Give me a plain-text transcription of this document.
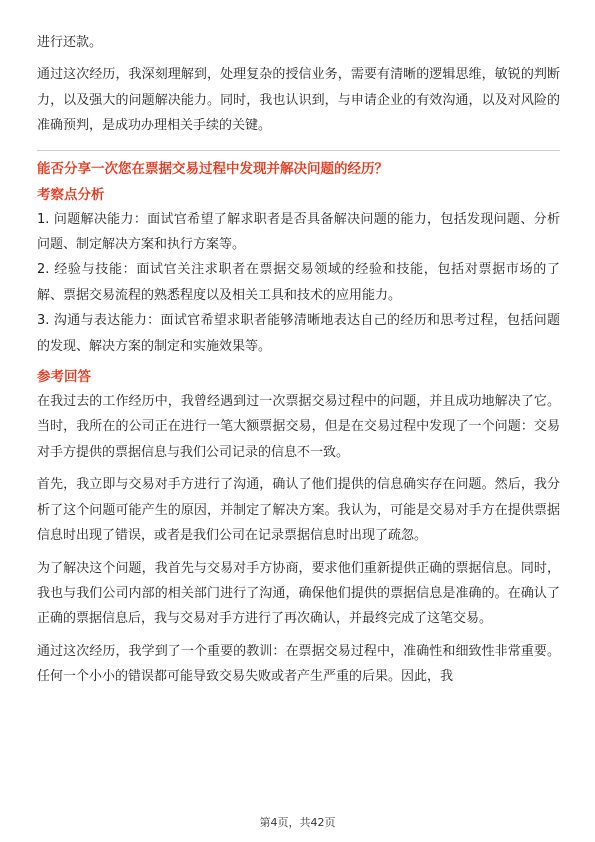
进行还款。

通过这次经历，我深刻理解到，处理复杂的授信业务，需要有清晰的逻辑思维，敏锐的判断力，以及强大的问题解决能力。同时，我也认识到，与申请企业的有效沟通，以及对风险的准确预判，是成功办理相关手续的关键。

能否分享一次您在票据交易过程中发现并解决问题的经历？

考察点分析

1. 问题解决能力：面试官希望了解求职者是否具备解决问题的能力，包括发现问题、分析问题、制定解决方案和执行方案等。

2. 经验与技能：面试官关注求职者在票据交易领域的经验和技能，包括对票据市场的了解、票据交易流程的熟悉程度以及相关工具和技术的应用能力。

3. 沟通与表达能力：面试官希望求职者能够清晰地表达自己的经历和思考过程，包括问题的发现、解决方案的制定和实施效果等。

参考回答

在我过去的工作经历中，我曾经遇到过一次票据交易过程中的问题，并且成功地解决了它。当时，我所在的公司正在进行一笔大额票据交易，但是在交易过程中发现了一个问题：交易对手方提供的票据信息与我们公司记录的信息不一致。

首先，我立即与交易对手方进行了沟通，确认了他们提供的信息确实存在问题。然后，我分析了这个问题可能产生的原因，并制定了解决方案。我认为，可能是交易对手方在提供票据信息时出现了错误，或者是我们公司在记录票据信息时出现了疏忽。

为了解决这个问题，我首先与交易对手方协商，要求他们重新提供正确的票据信息。同时，我也与我们公司内部的相关部门进行了沟通，确保他们提供的票据信息是准确的。在确认了正确的票据信息后，我与交易对手方进行了再次确认，并最终完成了这笔交易。

通过这次经历，我学到了一个重要的教训：在票据交易过程中，准确性和细致性非常重要。任何一个小小的错误都可能导致交易失败或者产生严重的后果。因此，我

第4页，共42页
